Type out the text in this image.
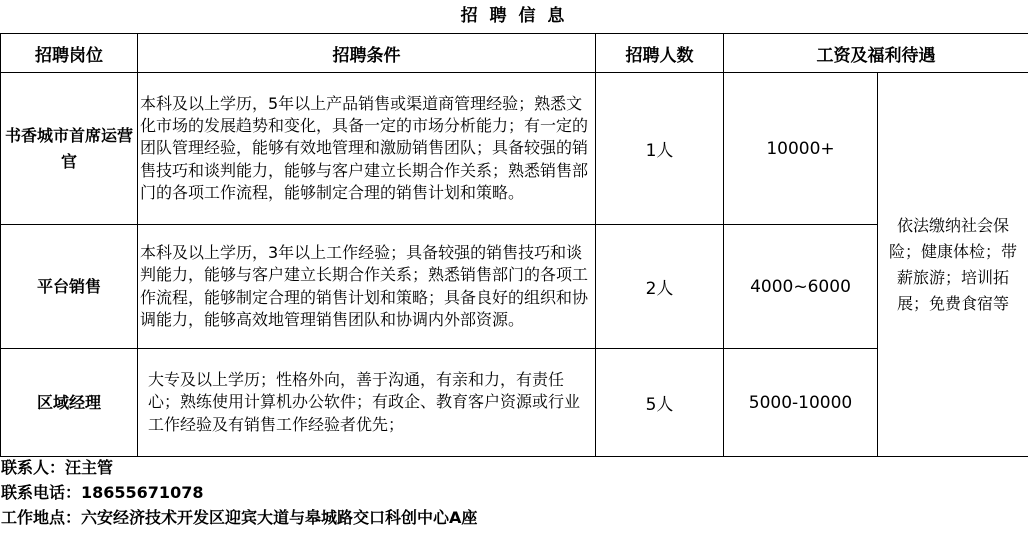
招 聘 信 息
招聘岗位	招聘条件	招聘人数	工资及福利待遇	
书香城市首席运营官	本科及以上学历，5年以上产品销售或渠道商管理经验；熟悉文化市场的发展趋势和变化，具备一定的市场分析能力；有一定的团队管理经验，能够有效地管理和激励销售团队；具备较强的销售技巧和谈判能力，能够与客户建立长期合作关系；熟悉销售部门的各项工作流程，能够制定合理的销售计划和策略。	1人	10000+	依法缴纳社会保险；健康体检；带薪旅游；培训拓展；免费食宿等
平台销售	本科及以上学历，3年以上工作经验；具备较强的销售技巧和谈判能力，能够与客户建立长期合作关系；熟悉销售部门的各项工作流程，能够制定合理的销售计划和策略；具备良好的组织和协调能力，能够高效地管理销售团队和协调内外部资源。	2人	4000~6000	
区域经理	大专及以上学历；性格外向，善于沟通，有亲和力，有责任心；熟练使用计算机办公软件；有政企、教育客户资源或行业工作经验及有销售工作经验者优先；	5人	5000-10000	
联系人：汪主管
联系电话：18655671078
工作地点：六安经济技术开发区迎宾大道与皋城路交口科创中心A座
